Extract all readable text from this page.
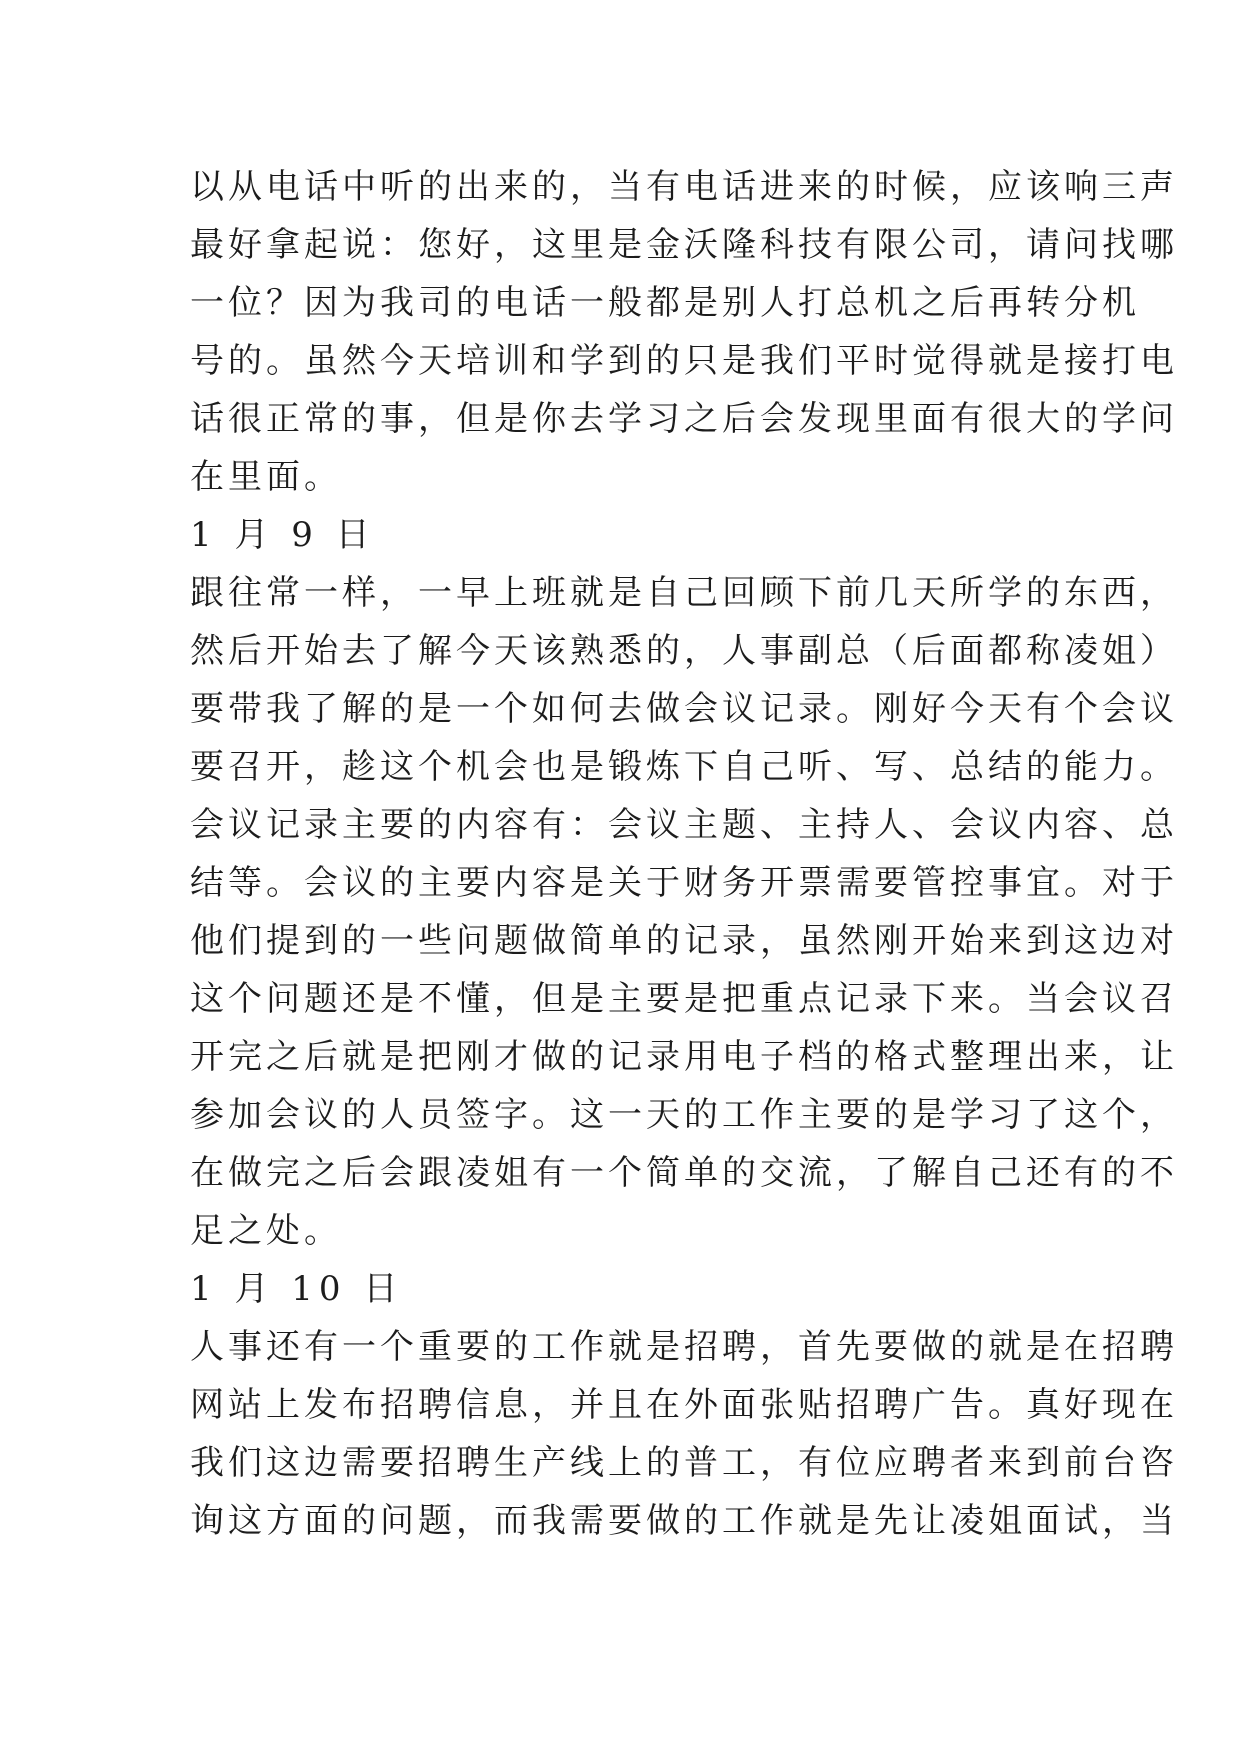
以从电话中听的出来的，当有电话进来的时候，应该响三声
最好拿起说：您好，这里是金沃隆科技有限公司，请问找哪
一位？因为我司的电话一般都是别人打总机之后再转分机
号的。虽然今天培训和学到的只是我们平时觉得就是接打电
话很正常的事，但是你去学习之后会发现里面有很大的学问
在里面。
1 月 9 日
跟往常一样，一早上班就是自己回顾下前几天所学的东西，
然后开始去了解今天该熟悉的，人事副总（后面都称凌姐）
要带我了解的是一个如何去做会议记录。刚好今天有个会议
要召开，趁这个机会也是锻炼下自己听、写、总结的能力。
会议记录主要的内容有：会议主题、主持人、会议内容、总
结等。会议的主要内容是关于财务开票需要管控事宜。对于
他们提到的一些问题做简单的记录，虽然刚开始来到这边对
这个问题还是不懂，但是主要是把重点记录下来。当会议召
开完之后就是把刚才做的记录用电子档的格式整理出来，让
参加会议的人员签字。这一天的工作主要的是学习了这个，
在做完之后会跟凌姐有一个简单的交流，了解自己还有的不
足之处。
1 月 10 日
人事还有一个重要的工作就是招聘，首先要做的就是在招聘
网站上发布招聘信息，并且在外面张贴招聘广告。真好现在
我们这边需要招聘生产线上的普工，有位应聘者来到前台咨
询这方面的问题，而我需要做的工作就是先让凌姐面试，当
